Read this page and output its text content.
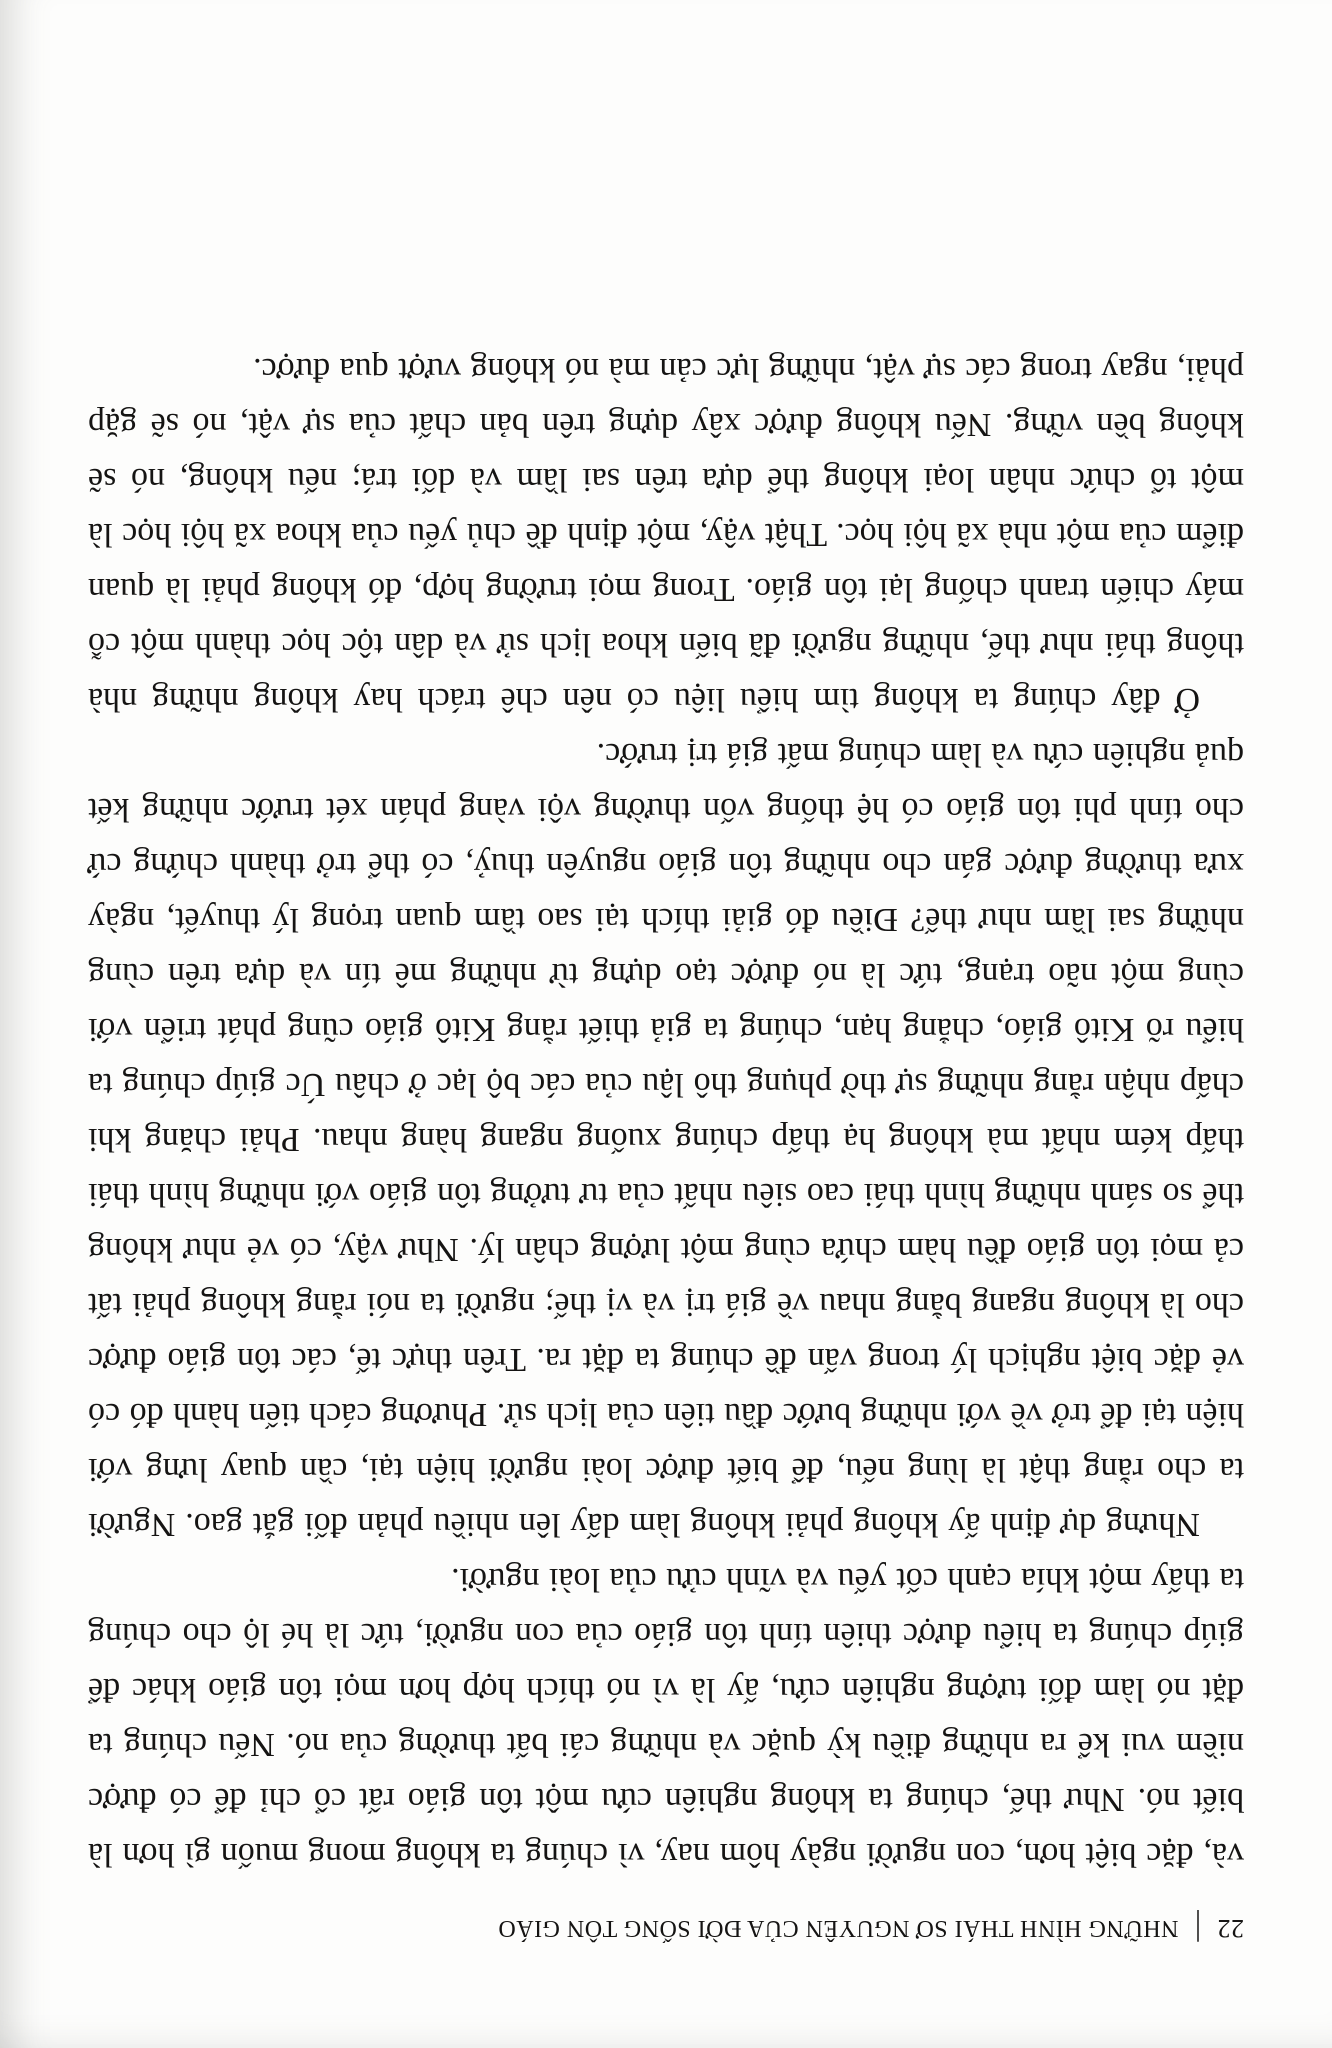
22
|
NHỮNG HÌNH THÁI SƠ NGUYÊN CỦA ĐỜI SỐNG TÔN GIÁO

và, đặc biệt hơn, con người ngày hôm nay, vì chúng ta không mong muốn gì hơn là biết nó. Như thế, chúng ta không nghiên cứu một tôn giáo rất cổ chỉ để có được niềm vui kể ra những điều kỳ quặc và những cái bất thường của nó. Nếu chúng ta đặt nó làm đối tượng nghiên cứu, ấy là vì nó thích hợp hơn mọi tôn giáo khác để giúp chúng ta hiểu được thiên tính tôn giáo của con người, tức là hé lộ cho chúng ta thấy một khía cạnh cốt yếu và vĩnh cửu của loài người.

Nhưng dự định ấy không phải không làm dấy lên nhiều phản đối gắt gao. Người ta cho rằng thật là lùng nếu, để biết được loài người hiện tại, cần quay lưng với hiện tại để trở về với những bước đầu tiên của lịch sử. Phương cách tiến hành đó có vẻ đặc biệt nghịch lý trong vấn đề chúng ta đặt ra. Trên thực tế, các tôn giáo được cho là không ngang bằng nhau về giá trị và vị thế; người ta nói rằng không phải tất cả mọi tôn giáo đều hàm chứa cùng một lượng chân lý. Như vậy, có vẻ như không thể so sánh những hình thái cao siêu nhất của tư tưởng tôn giáo với những hình thái thấp kém nhất mà không hạ thấp chúng xuống ngang hàng nhau. Phải chăng khi chấp nhận rằng những sự thờ phụng thô lậu của các bộ lạc ở châu Úc giúp chúng ta hiểu rõ Kitô giáo, chẳng hạn, chúng ta giả thiết rằng Kitô giáo cũng phát triển với cùng một não trạng, tức là nó được tạo dựng từ những mê tín và dựa trên cùng những sai lầm như thế? Điều đó giải thích tại sao tầm quan trọng lý thuyết, ngày xưa thường được gán cho những tôn giáo nguyên thuỷ, có thể trở thành chứng cứ cho tính phi tôn giáo có hệ thống vốn thường vội vàng phán xét trước những kết quả nghiên cứu và làm chúng mất giá trị trước.

Ở đây chúng ta không tìm hiểu liệu có nên chê trách hay không những nhà thông thái như thế, những người đã biến khoa lịch sử và dân tộc học thành một cỗ máy chiến tranh chống lại tôn giáo. Trong mọi trường hợp, đó không phải là quan điểm của một nhà xã hội học. Thật vậy, một định đề chủ yếu của khoa xã hội học là một tổ chức nhân loại không thể dựa trên sai lầm và dối trá; nếu không, nó sẽ không bền vững. Nếu không được xây dựng trên bản chất của sự vật, nó sẽ gặp phải, ngay trong các sự vật, những lực cản mà nó không vượt qua được.
